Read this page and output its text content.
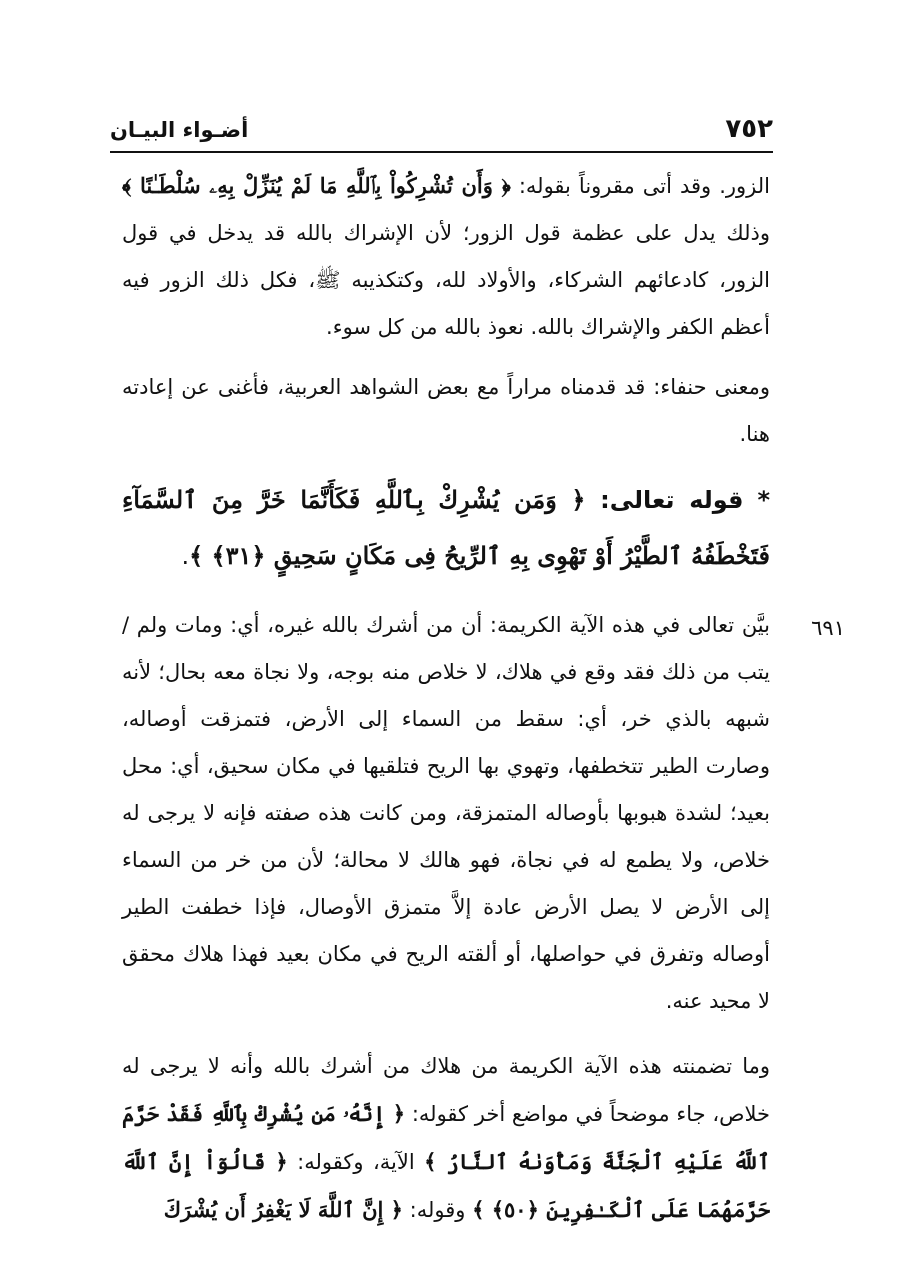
٧٥٢
أضـواء البيـان
٦٩١

الزور. وقد أتى مقروناً بقوله: ﴿ وَأَن تُشْرِكُواْ بِٱللَّهِ مَا لَمْ يُنَزِّلْ بِهِۦ سُلْطَـٰنًا ﴾ وذلك يدل على عظمة قول الزور؛ لأن الإشراك بالله قد يدخل في قول الزور، كادعائهم الشركاء، والأولاد لله، وكتكذيبه ﷺ، فكل ذلك الزور فيه أعظم الكفر والإشراك بالله. نعوذ بالله من كل سوء.

ومعنى حنفاء: قد قدمناه مراراً مع بعض الشواهد العربية، فأغنى عن إعادته هنا.

* قوله تعالى: ﴿ وَمَن يُشْرِكْ بِٱللَّهِ فَكَأَنَّمَا خَرَّ مِنَ ٱلسَّمَآءِ فَتَخْطَفُهُ ٱلطَّيْرُ أَوْ تَهْوِى بِهِ ٱلرِّيحُ فِى مَكَانٍ سَحِيقٍ ﴿٣١﴾ ﴾.

بيَّن تعالى في هذه الآية الكريمة: أن من أشرك بالله غيره، أي: ومات ولم / يتب من ذلك فقد وقع في هلاك، لا خلاص منه بوجه، ولا نجاة معه بحال؛ لأنه شبهه بالذي خر، أي: سقط من السماء إلى الأرض، فتمزقت أوصاله، وصارت الطير تتخطفها، وتهوي بها الريح فتلقيها في مكان سحيق، أي: محل بعيد؛ لشدة هبوبها بأوصاله المتمزقة، ومن كانت هذه صفته فإنه لا يرجى له خلاص، ولا يطمع له في نجاة، فهو هالك لا محالة؛ لأن من خر من السماء إلى الأرض لا يصل الأرض عادة إلاَّ متمزق الأوصال، فإذا خطفت الطير أوصاله وتفرق في حواصلها، أو ألقته الريح في مكان بعيد فهذا هلاك محقق لا محيد عنه.

وما تضمنته هذه الآية الكريمة من هلاك من أشرك بالله وأنه لا يرجى له خلاص، جاء موضحاً في مواضع أخر كقوله: ﴿ إِنَّهُۥ مَن يُشْرِكْ بِٱللَّهِ فَقَدْ حَرَّمَ ٱللَّهُ عَلَيْهِ ٱلْجَنَّةَ وَمَأْوَىٰهُ ٱلنَّارُ ﴾ الآية، وكقوله: ﴿ قَالُوٓاْ إِنَّ ٱللَّهَ حَرَّمَهُمَا عَلَى ٱلْكَـٰفِرِينَ ﴿٥٠﴾ ﴾ وقوله: ﴿ إِنَّ ٱللَّهَ لَا يَغْفِرُ أَن يُشْرَكَ
